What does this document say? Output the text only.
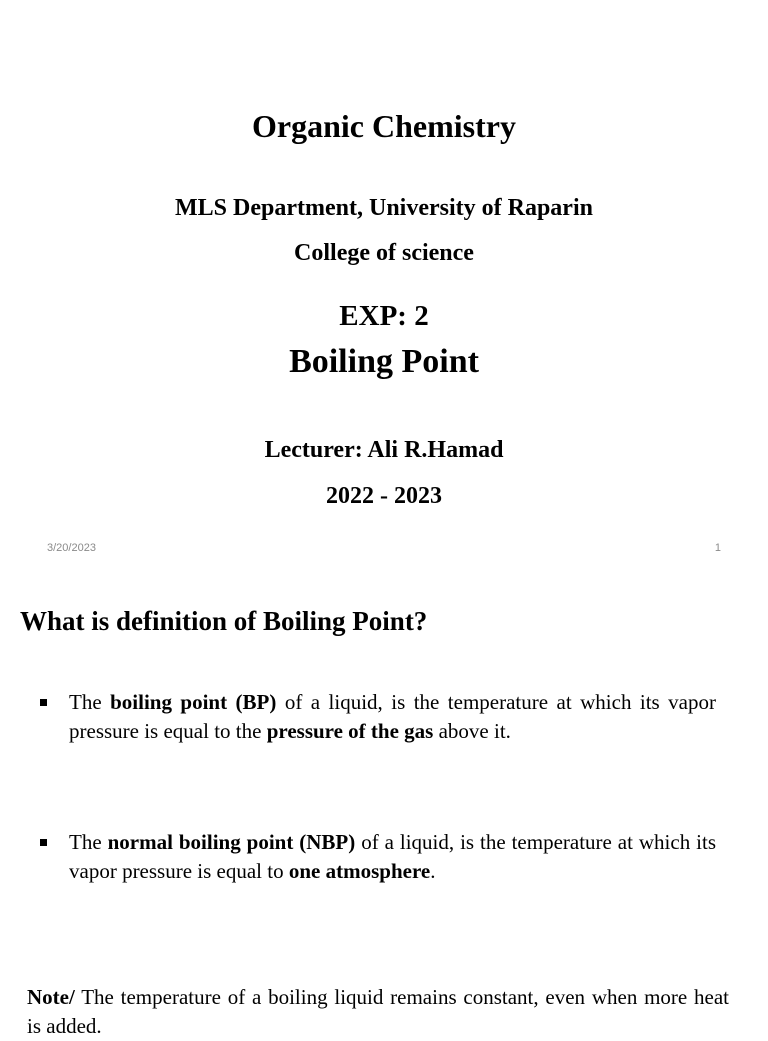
Organic Chemistry
MLS Department, University of Raparin
College of science
EXP: 2
Boiling Point
Lecturer: Ali R.Hamad
2022 - 2023
3/20/2023	1
What is definition of Boiling Point?
The boiling point (BP) of a liquid, is the temperature at which its vapor pressure is equal to the pressure of the gas above it.
The normal boiling point (NBP) of a liquid, is the temperature at which its vapor pressure is equal to one atmosphere.
Note/ The temperature of a boiling liquid remains constant, even when more heat is added.
